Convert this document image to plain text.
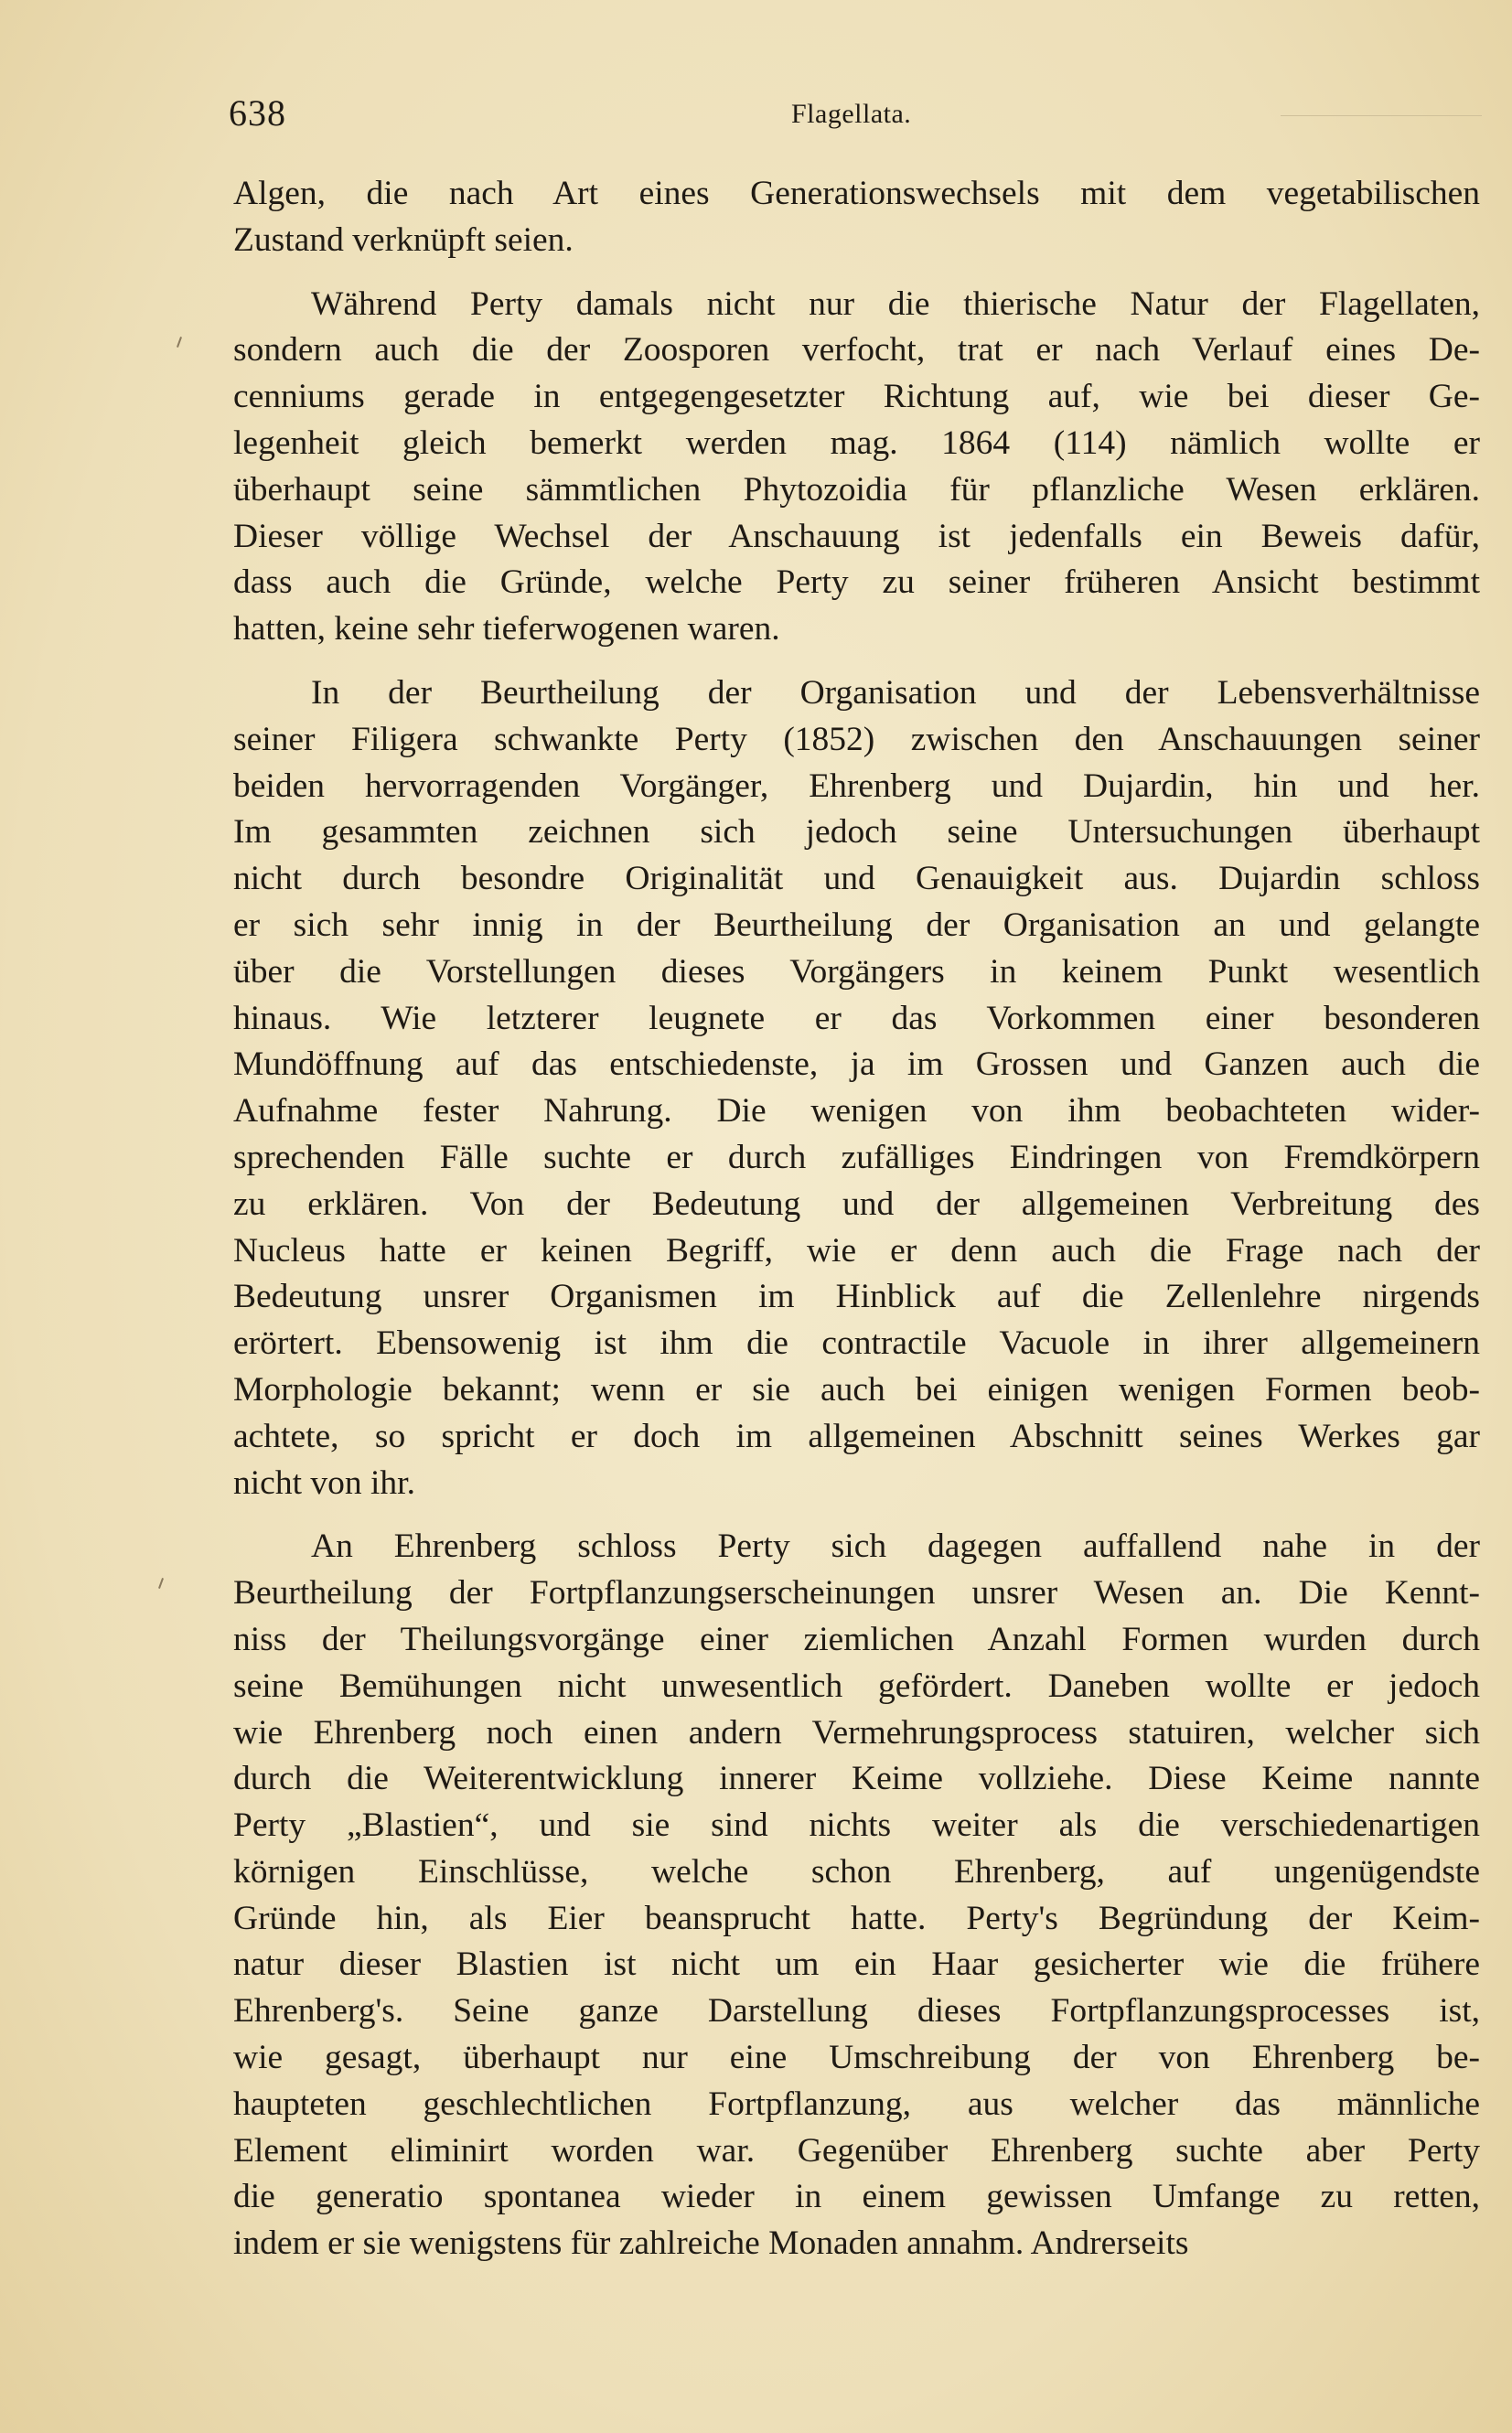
638	Flagellata.
Algen, die nach Art eines Generationswechsels mit dem vegetabilischen
Zustand verknüpft seien.
Während Perty damals nicht nur die thierische Natur der Flagellaten,
sondern auch die der Zoosporen verfocht, trat er nach Verlauf eines De-
cenniums gerade in entgegengesetzter Richtung auf, wie bei dieser Ge-
legenheit gleich bemerkt werden mag. 1864 (114) nämlich wollte er
überhaupt seine sämmtlichen Phytozoidia für pflanzliche Wesen erklären.
Dieser völlige Wechsel der Anschauung ist jedenfalls ein Beweis dafür,
dass auch die Gründe, welche Perty zu seiner früheren Ansicht bestimmt
hatten, keine sehr tieferwogenen waren.
In der Beurtheilung der Organisation und der Lebensverhältnisse
seiner Filigera schwankte Perty (1852) zwischen den Anschauungen seiner
beiden hervorragenden Vorgänger, Ehrenberg und Dujardin, hin und her.
Im gesammten zeichnen sich jedoch seine Untersuchungen überhaupt
nicht durch besondre Originalität und Genauigkeit aus. Dujardin schloss
er sich sehr innig in der Beurtheilung der Organisation an und gelangte
über die Vorstellungen dieses Vorgängers in keinem Punkt wesentlich
hinaus. Wie letzterer leugnete er das Vorkommen einer besonderen
Mundöffnung auf das entschiedenste, ja im Grossen und Ganzen auch die
Aufnahme fester Nahrung. Die wenigen von ihm beobachteten wider-
sprechenden Fälle suchte er durch zufälliges Eindringen von Fremdkörpern
zu erklären. Von der Bedeutung und der allgemeinen Verbreitung des
Nucleus hatte er keinen Begriff, wie er denn auch die Frage nach der
Bedeutung unsrer Organismen im Hinblick auf die Zellenlehre nirgends
erörtert. Ebensowenig ist ihm die contractile Vacuole in ihrer allgemeinern
Morphologie bekannt; wenn er sie auch bei einigen wenigen Formen beob-
achtete, so spricht er doch im allgemeinen Abschnitt seines Werkes gar
nicht von ihr.
An Ehrenberg schloss Perty sich dagegen auffallend nahe in der
Beurtheilung der Fortpflanzungserscheinungen unsrer Wesen an. Die Kennt-
niss der Theilungsvorgänge einer ziemlichen Anzahl Formen wurden durch
seine Bemühungen nicht unwesentlich gefördert. Daneben wollte er jedoch
wie Ehrenberg noch einen andern Vermehrungsprocess statuiren, welcher sich
durch die Weiterentwicklung innerer Keime vollziehe. Diese Keime nannte
Perty „Blastien“, und sie sind nichts weiter als die verschiedenartigen
körnigen Einschlüsse, welche schon Ehrenberg, auf ungenügendste
Gründe hin, als Eier beansprucht hatte. Perty's Begründung der Keim-
natur dieser Blastien ist nicht um ein Haar gesicherter wie die frühere
Ehrenberg's. Seine ganze Darstellung dieses Fortpflanzungsprocesses ist,
wie gesagt, überhaupt nur eine Umschreibung der von Ehrenberg be-
haupteten geschlechtlichen Fortpflanzung, aus welcher das männliche
Element eliminirt worden war. Gegenüber Ehrenberg suchte aber Perty
die generatio spontanea wieder in einem gewissen Umfange zu retten,
indem er sie wenigstens für zahlreiche Monaden annahm. Andrerseits
